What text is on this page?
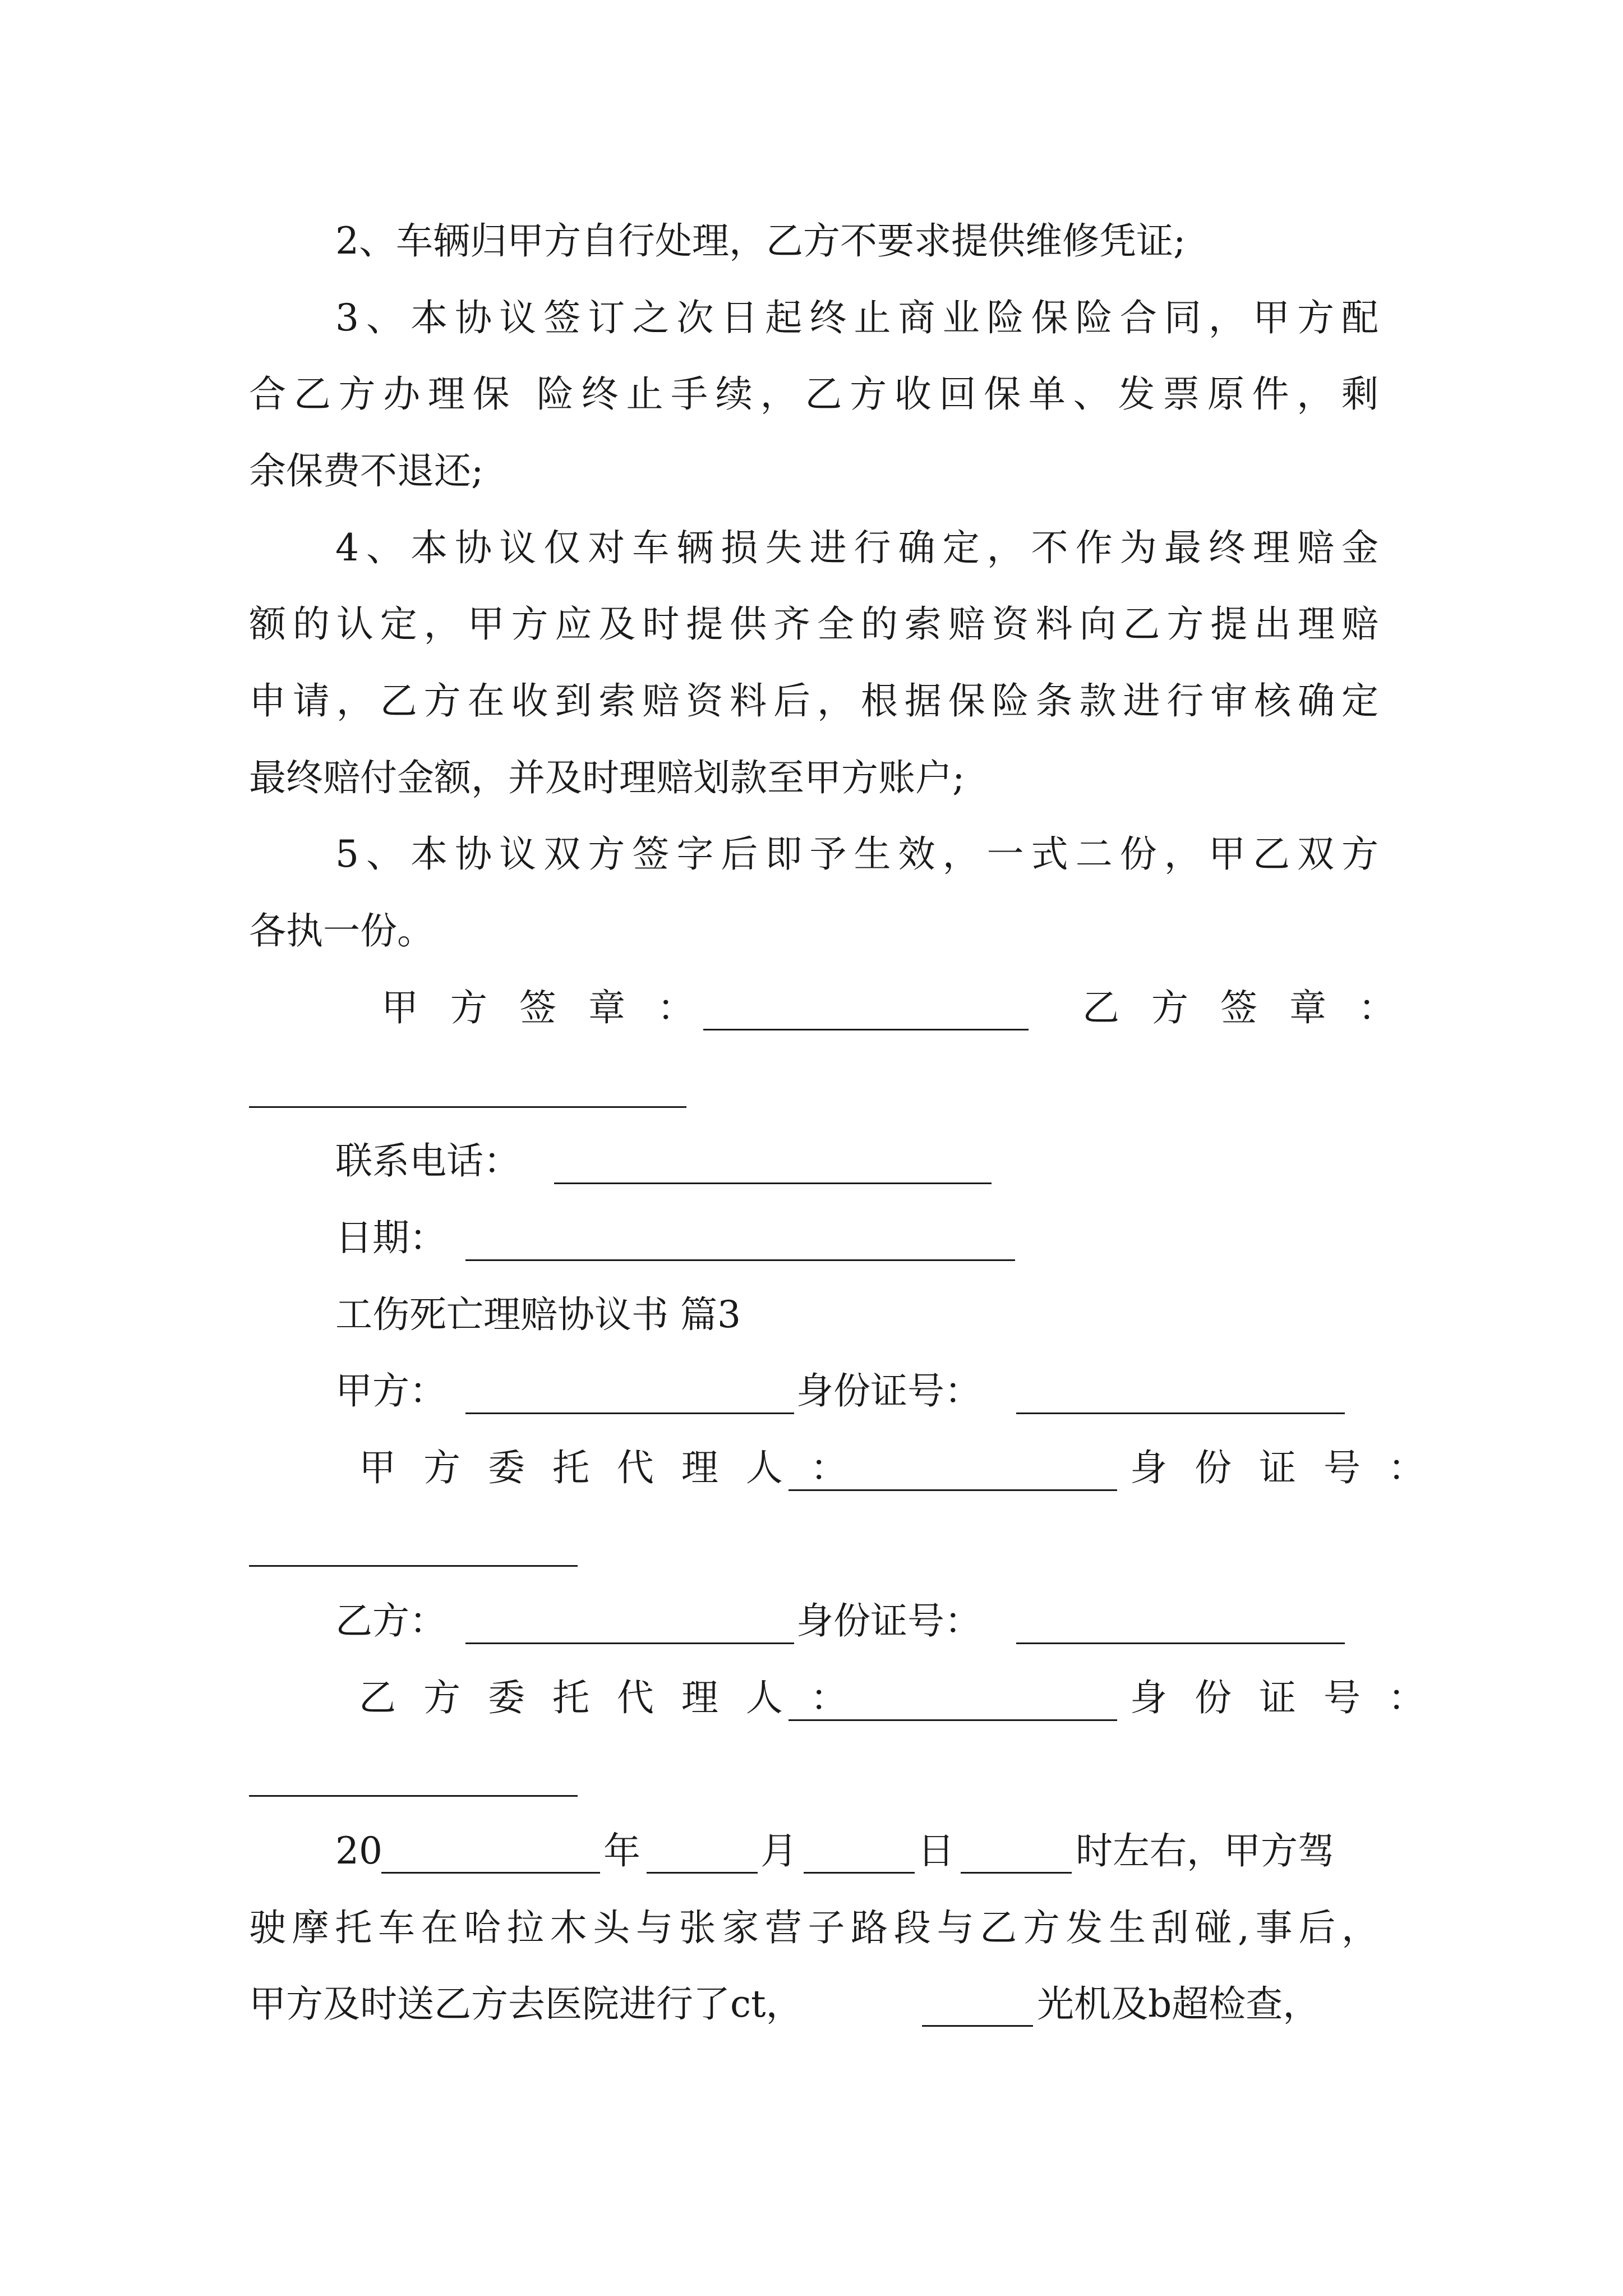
2、车辆归甲方自行处理，乙方不要求提供维修凭证;
3、本协议签订之次日起终止商业险保险合同，甲方配
合乙方办理保 险终止手续，乙方收回保单、发票原件，剩
余保费不退还;
4、本协议仅对车辆损失进行确定，不作为最终理赔金
额的认定，甲方应及时提供齐全的索赔资料向乙方提出理赔
申请，乙方在收到索赔资料后，根据保险条款进行审核确定
最终赔付金额，并及时理赔划款至甲方账户;
5、本协议双方签字后即予生效，一式二份，甲乙双方
各执一份。
甲 方 签 章 ：	乙 方 签 章 ：
联系电话：
日期：
工伤死亡理赔协议书 篇3
甲方：	身份证号：
甲 方 委 托 代 理 人 ：	身 份 证 号 ：
乙方：	身份证号：
乙 方 委 托 代 理 人 ：	身 份 证 号 ：
20	年	月	日	时左右，甲方驾
驶摩托车在哈拉木头与张家营子路段与乙方发生刮碰,事后，
甲方及时送乙方去医院进行了ct，	光机及b超检查，
